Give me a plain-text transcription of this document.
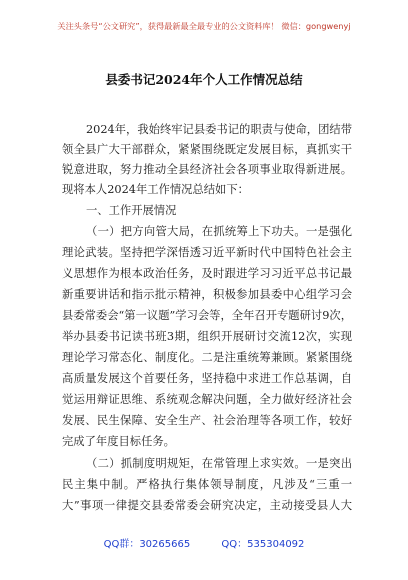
关注头条号“公文研究”，获得最新最全最专业的公文资料库！ 微信：gongwenyj
县委书记2024年个人工作情况总结
2024年，我始终牢记县委书记的职责与使命，团结带
领全县广大干部群众，紧紧围绕既定发展目标，真抓实干
锐意进取，努力推动全县经济社会各项事业取得新进展。
现将本人2024年工作情况总结如下：
一、工作开展情况
（一）把方向管大局，在抓统筹上下功夫。一是强化
理论武装。坚持把学深悟透习近平新时代中国特色社会主
义思想作为根本政治任务，及时跟进学习习近平总书记最
新重要讲话和指示批示精神，积极参加县委中心组学习会
县委常委会“第一议题”学习会等，全年召开专题研讨9次，
举办县委书记读书班3期，组织开展研讨交流12次，实现
理论学习常态化、制度化。二是注重统筹兼顾。紧紧围绕
高质量发展这个首要任务，坚持稳中求进工作总基调，自
觉运用辩证思维、系统观念解决问题，全力做好经济社会
发展、民生保障、安全生产、社会治理等各项工作，较好
完成了年度目标任务。
（二）抓制度明规矩，在常管理上求实效。一是突出
民主集中制。严格执行集体领导制度，凡涉及“三重一
大”事项一律提交县委常委会研究决定，主动接受县人大
QQ群：30265665	QQ：535304092
